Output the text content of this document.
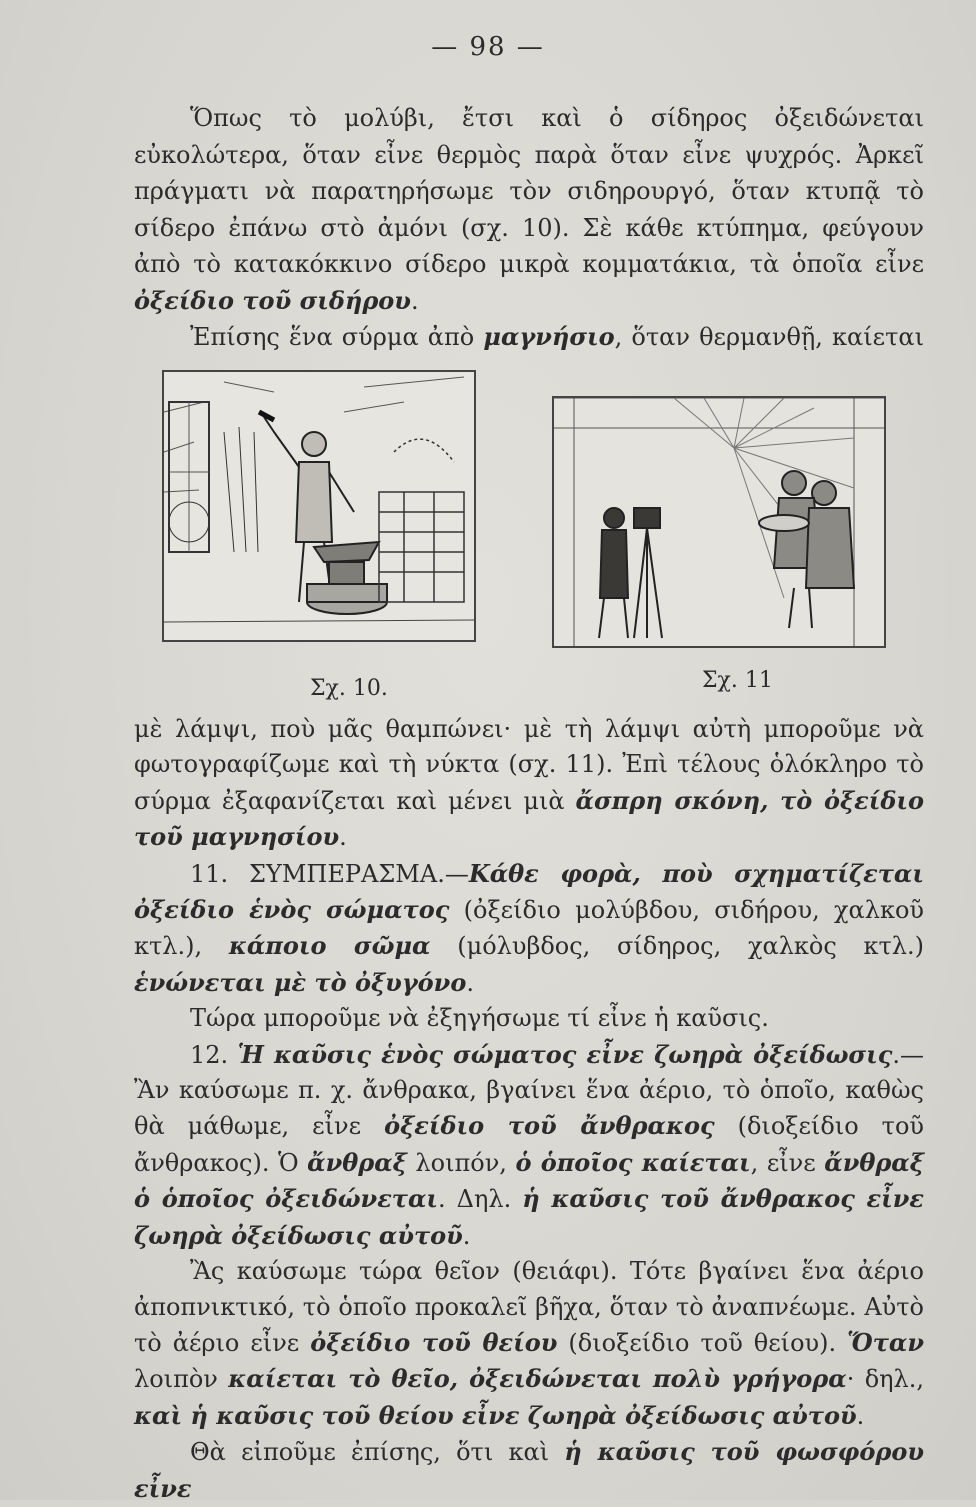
— 98 —

Ὅπως τὸ μολύβι, ἔτσι καὶ ὁ σίδηρος ὀξειδώνεται εὐκολώτερα, ὅταν εἶνε θερμὸς παρὰ ὅταν εἶνε ψυχρός. Ἀρκεῖ πράγματι νὰ παρατηρήσωμε τὸν σιδηρουργό, ὅταν κτυπᾷ τὸ σίδερο ἐπάνω στὸ ἀμόνι (σχ. 10). Σὲ κάθε κτύπημα, φεύγουν ἀπὸ τὸ κατακόκκινο σίδερο μικρὰ κομματάκια, τὰ ὁποῖα εἶνε ὀξείδιο τοῦ σιδήρου.

Ἐπίσης ἕνα σύρμα ἀπὸ μαγνήσιο, ὅταν θερμανθῇ, καίεται

Σχ. 10.	Σχ. 11

μὲ λάμψι, ποὺ μᾶς θαμπώνει· μὲ τὴ λάμψι αὐτὴ μποροῦμε νὰ φωτογραφίζωμε καὶ τὴ νύκτα (σχ. 11). Ἐπὶ τέλους ὁλόκληρο τὸ σύρμα ἐξαφανίζεται καὶ μένει μιὰ ἄσπρη σκόνη, τὸ ὀξείδιο τοῦ μαγνησίου.

11. ΣΥΜΠΕΡΑΣΜΑ.—Κάθε φορὰ, ποὺ σχηματίζεται ὀξείδιο ἑνὸς σώματος (ὀξείδιο μολύβδου, σιδήρου, χαλκοῦ κτλ.), κάποιο σῶμα (μόλυβδος, σίδηρος, χαλκὸς κτλ.) ἑνώνεται μὲ τὸ ὀξυγόνο.

Τώρα μποροῦμε νὰ ἐξηγήσωμε τί εἶνε ἡ καῦσις.

12. Ἡ καῦσις ἑνὸς σώματος εἶνε ζωηρὰ ὀξείδωσις.—Ἂν καύσωμε π. χ. ἄνθρακα, βγαίνει ἕνα ἀέριο, τὸ ὁποῖο, καθὼς θὰ μάθωμε, εἶνε ὀξείδιο τοῦ ἄνθρακος (διοξείδιο τοῦ ἄνθρακος). Ὁ ἄνθραξ λοιπόν, ὁ ὁποῖος καίεται, εἶνε ἄνθραξ ὁ ὁποῖος ὀξειδώνεται. Δηλ. ἡ καῦσις τοῦ ἄνθρακος εἶνε ζωηρὰ ὀξείδωσις αὐτοῦ.

Ἂς καύσωμε τώρα θεῖον (θειάφι). Τότε βγαίνει ἕνα ἀέριο ἀποπνικτικό, τὸ ὁποῖο προκαλεῖ βῆχα, ὅταν τὸ ἀναπνέωμε. Αὐτὸ τὸ ἀέριο εἶνε ὀξείδιο τοῦ θείου (διοξείδιο τοῦ θείου). Ὅταν λοιπὸν καίεται τὸ θεῖο, ὀξειδώνεται πολὺ γρήγορα· δηλ., καὶ ἡ καῦσις τοῦ θείου εἶνε ζωηρὰ ὀξείδωσις αὐτοῦ.

Θὰ εἰποῦμε ἐπίσης, ὅτι καὶ ἡ καῦσις τοῦ φωσφόρου εἶνε
